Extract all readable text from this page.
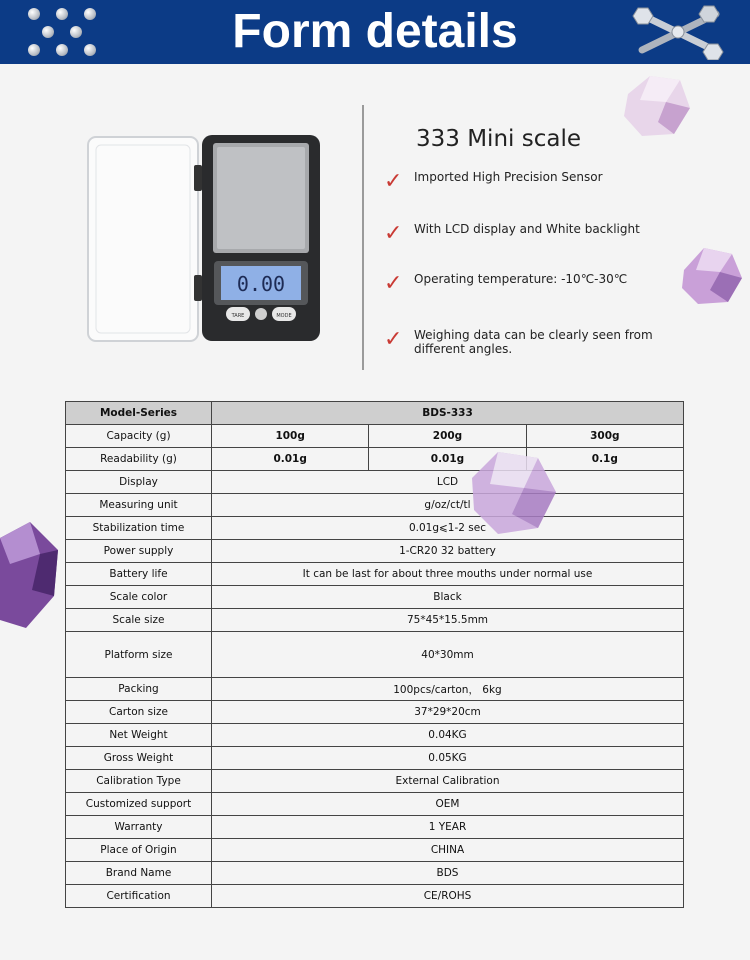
Form details
0.00
TARE	MODE
333 Mini scale
✓ Imported High Precision Sensor
✓ With LCD display and White backlight
✓ Operating temperature: -10℃-30℃
✓ Weighing data can be clearly seen from different angles.
Model-Series	BDS-333		
Capacity (g)	100g	200g	300g
Readability (g)	0.01g	0.01g	0.1g
Display	LCD		
Measuring unit	g/oz/ct/tl		
Stabilization time	0.01g⩽1-2 sec		
Power supply	1-CR20 32 battery		
Battery life	It can be last for about three mouths under normal use		
Scale color	Black		
Scale size	75*45*15.5mm		
Platform size	40*30mm		
Packing	100pcs/carton， 6kg		
Carton size	37*29*20cm		
Net Weight	0.04KG		
Gross Weight	0.05KG		
Calibration Type	External Calibration		
Customized support	OEM		
Warranty	1 YEAR		
Place of Origin	CHINA		
Brand Name	BDS		
Certification	CE/ROHS		
